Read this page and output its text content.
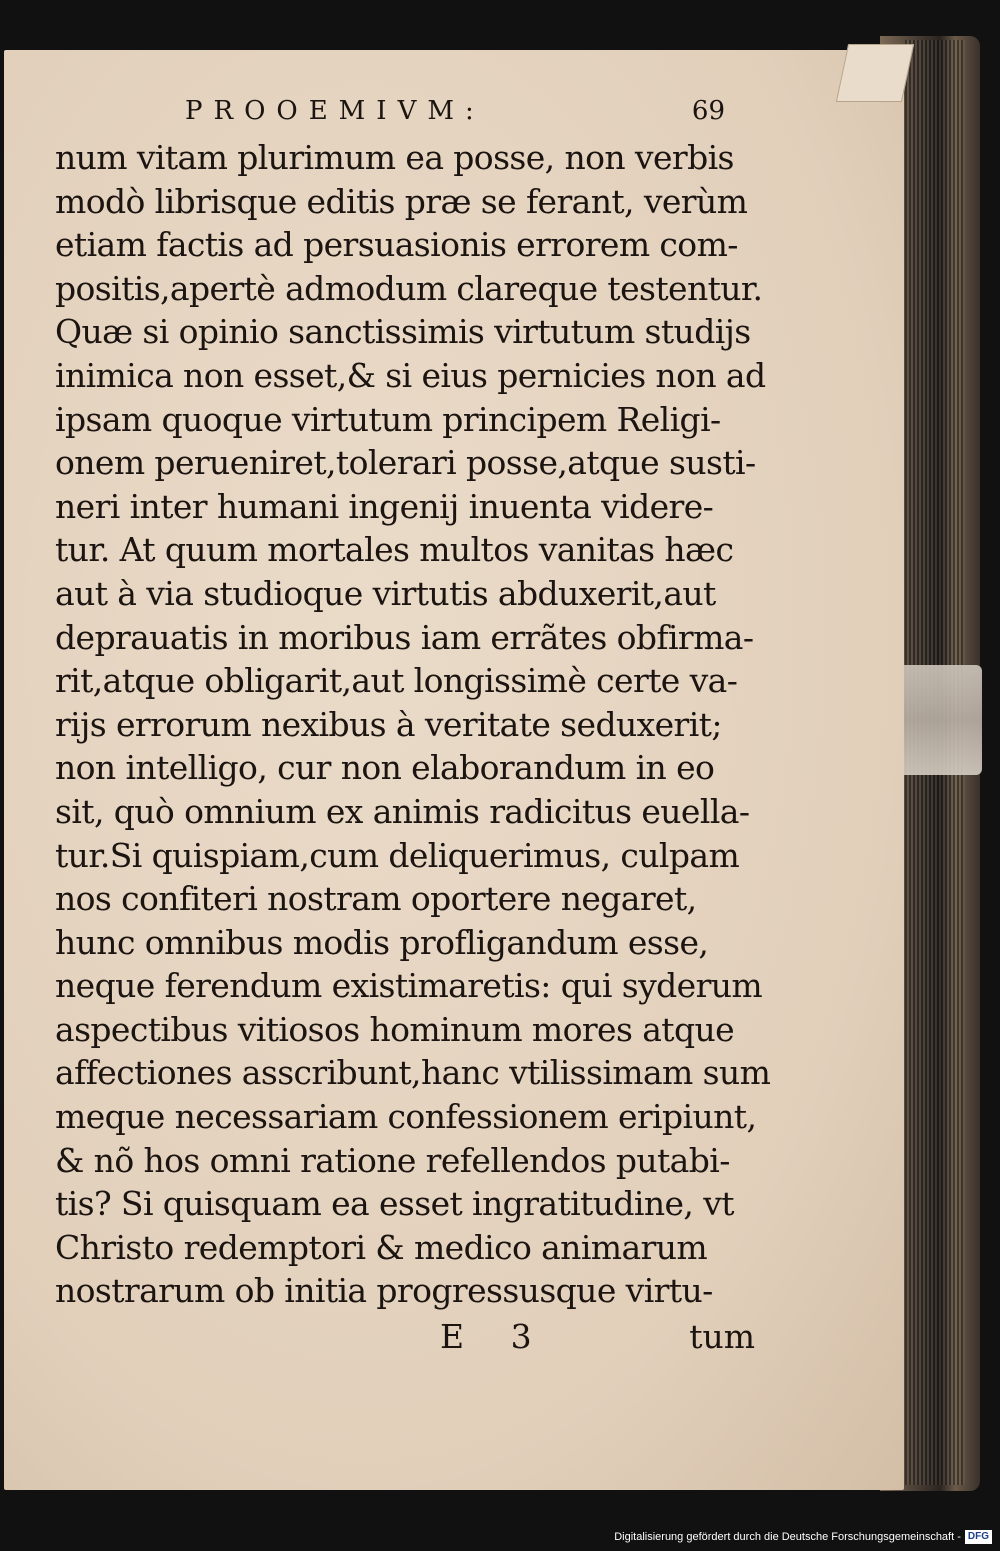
PROOEMIVM:	69
num vitam plurimum ea posse, non verbis
modò librisque editis præ se ferant, verùm
etiam factis ad persuasionis errorem com-
positis,apertè admodum clareque testentur.
Quæ si opinio sanctissimis virtutum studijs
inimica non esset,& si eius pernicies non ad
ipsam quoque virtutum principem Religi-
onem perueniret,tolerari posse,atque susti-
neri inter humani ingenij inuenta videre-
tur. At quum mortales multos vanitas hæc
aut à via studioque virtutis abduxerit,aut
deprauatis in moribus iam errãtes obfirma-
rit,atque obligarit,aut longissimè certe va-
rijs errorum nexibus à veritate seduxerit;
non intelligo, cur non elaborandum in eo
sit, quò omnium ex animis radicitus euella-
tur.Si quispiam,cum deliquerimus, culpam
nos confiteri nostram oportere negaret,
hunc omnibus modis profligandum esse,
neque ferendum existimaretis: qui syderum
aspectibus vitiosos hominum mores atque
affectiones asscribunt,hanc vtilissimam sum
meque necessariam confessionem eripiunt,
& nõ hos omni ratione refellendos putabi-
tis? Si quisquam ea esset ingratitudine, vt
Christo redemptori & medico animarum
nostrarum ob initia progressusque virtu-
E 3	tum
Digitalisierung gefördert durch die Deutsche Forschungsgemeinschaft - DFG
